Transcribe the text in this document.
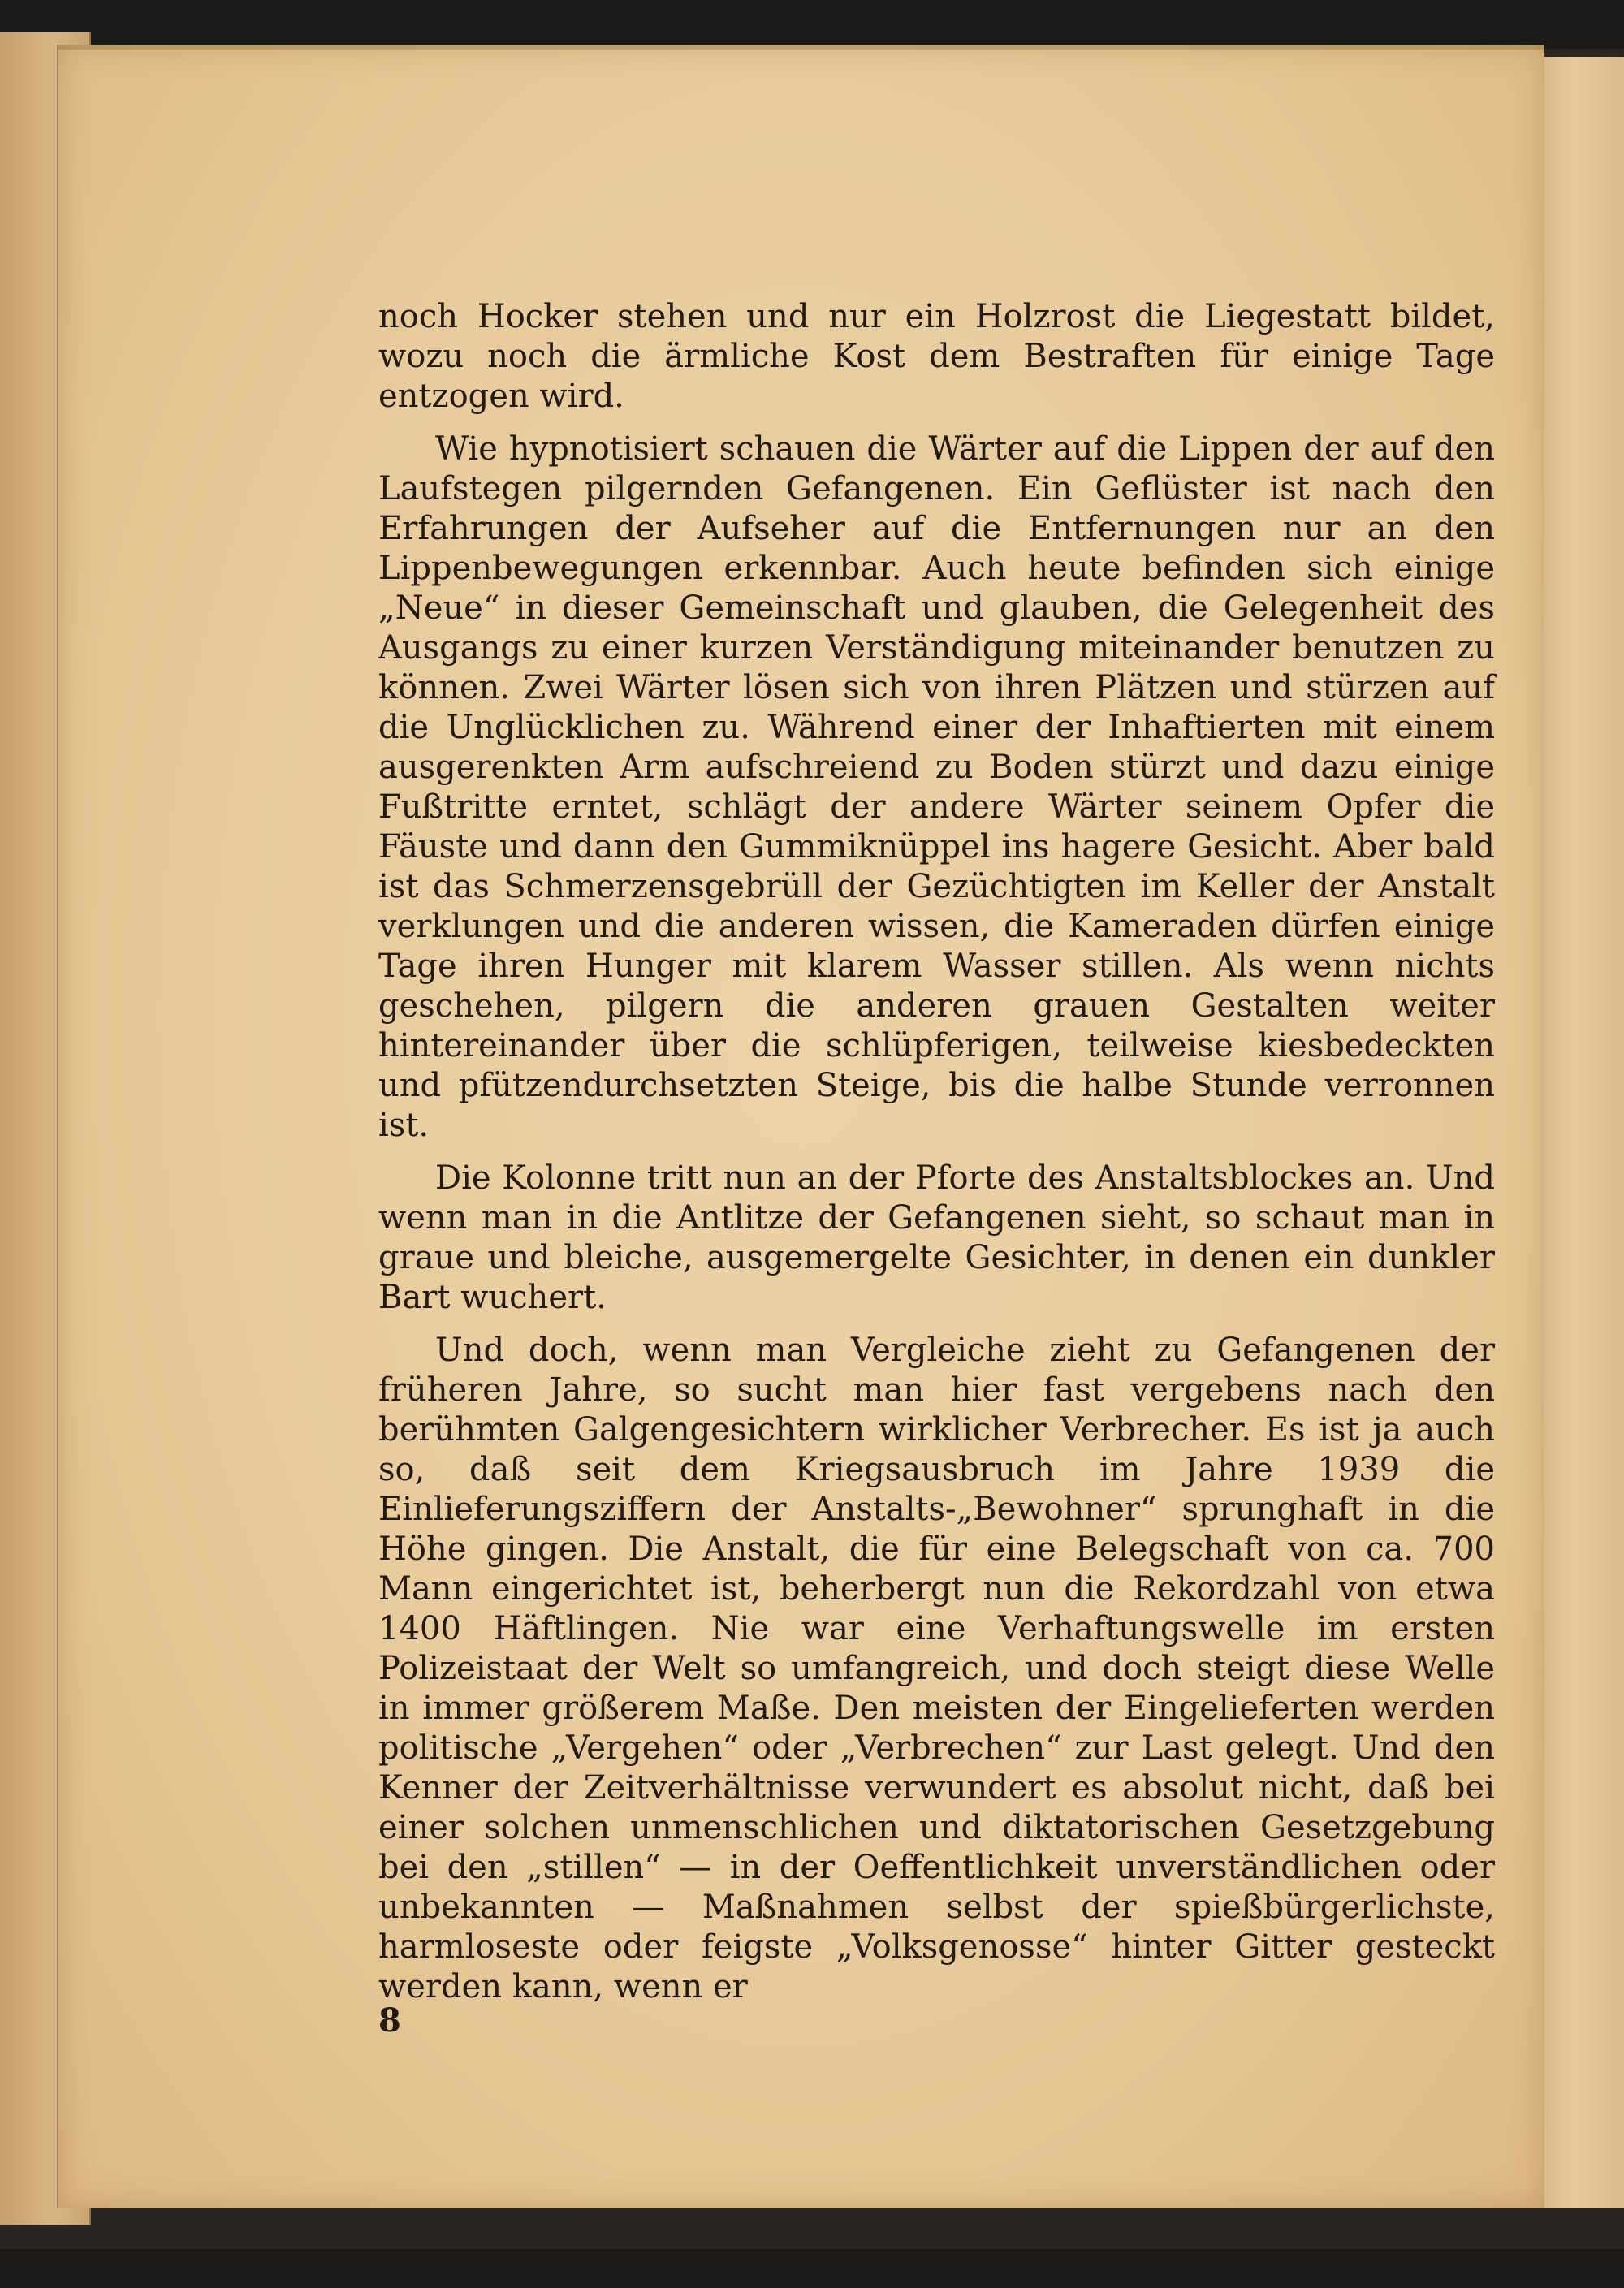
noch Hocker stehen und nur ein Holzrost die Liegestatt bildet, wozu noch die ärmliche Kost dem Bestraften für einige Tage entzogen wird.

Wie hypnotisiert schauen die Wärter auf die Lippen der auf den Laufstegen pilgernden Gefangenen. Ein Geflüster ist nach den Erfahrungen der Aufseher auf die Entfernungen nur an den Lippenbewegungen erkennbar. Auch heute befinden sich einige „Neue“ in dieser Gemeinschaft und glauben, die Gelegenheit des Ausgangs zu einer kurzen Verständigung miteinander benutzen zu können. Zwei Wärter lösen sich von ihren Plätzen und stürzen auf die Unglücklichen zu. Während einer der Inhaftierten mit einem ausgerenkten Arm aufschreiend zu Boden stürzt und dazu einige Fußtritte erntet, schlägt der andere Wärter seinem Opfer die Fäuste und dann den Gummiknüppel ins hagere Gesicht. Aber bald ist das Schmerzensgebrüll der Gezüchtigten im Keller der Anstalt verklungen und die anderen wissen, die Kameraden dürfen einige Tage ihren Hunger mit klarem Wasser stillen. Als wenn nichts geschehen, pilgern die anderen grauen Gestalten weiter hintereinander über die schlüpferigen, teilweise kiesbedeckten und pfützendurchsetzten Steige, bis die halbe Stunde verronnen ist.

Die Kolonne tritt nun an der Pforte des Anstaltsblockes an. Und wenn man in die Antlitze der Gefangenen sieht, so schaut man in graue und bleiche, ausgemergelte Gesichter, in denen ein dunkler Bart wuchert.

Und doch, wenn man Vergleiche zieht zu Gefangenen der früheren Jahre, so sucht man hier fast vergebens nach den berühmten Galgengesichtern wirklicher Verbrecher. Es ist ja auch so, daß seit dem Kriegsausbruch im Jahre 1939 die Einlieferungsziffern der Anstalts-„Bewohner“ sprunghaft in die Höhe gingen. Die Anstalt, die für eine Belegschaft von ca. 700 Mann eingerichtet ist, beherbergt nun die Rekordzahl von etwa 1400 Häftlingen. Nie war eine Verhaftungswelle im ersten Polizeistaat der Welt so umfangreich, und doch steigt diese Welle in immer größerem Maße. Den meisten der Eingelieferten werden politische „Vergehen“ oder „Verbrechen“ zur Last gelegt. Und den Kenner der Zeitverhältnisse verwundert es absolut nicht, daß bei einer solchen unmenschlichen und diktatorischen Gesetzgebung bei den „stillen“ — in der Oeffentlichkeit unverständlichen oder unbekannten — Maßnahmen selbst der spießbürgerlichste, harmloseste oder feigste „Volksgenosse“ hinter Gitter gesteckt werden kann, wenn er

8
